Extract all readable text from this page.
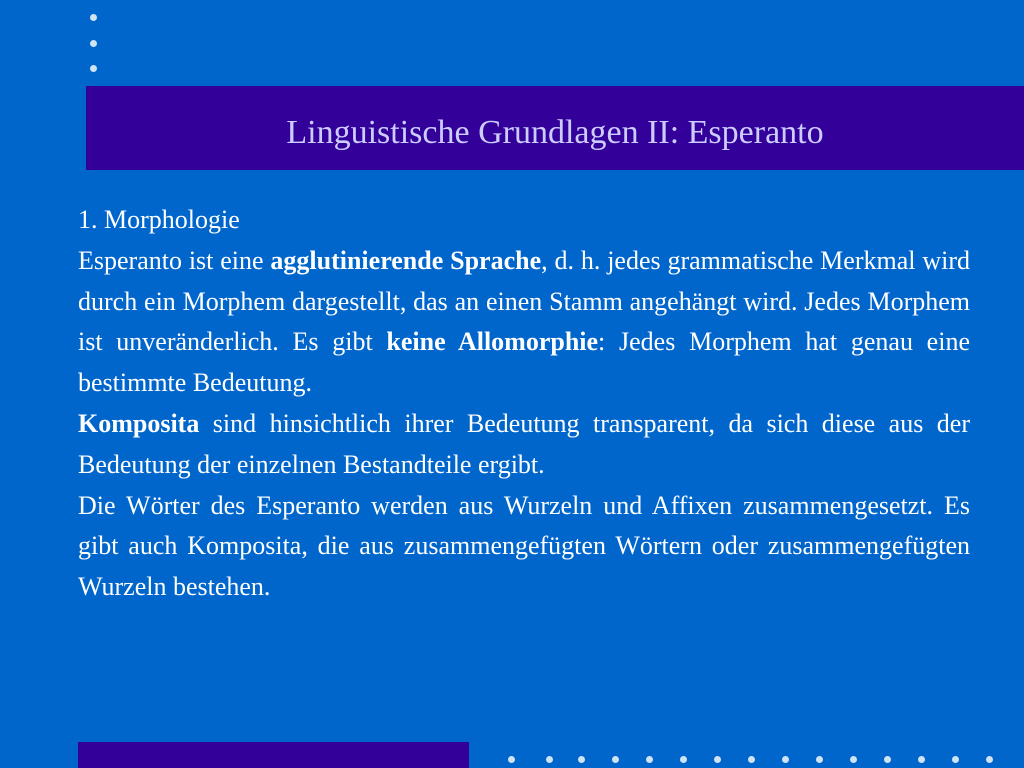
Linguistische Grundlagen II: Esperanto

1. Morphologie

Esperanto ist eine agglutinierende Sprache, d. h. jedes grammatische Merkmal wird durch ein Morphem dargestellt, das an einen Stamm angehängt wird. Jedes Morphem ist unveränderlich. Es gibt keine Allomorphie: Jedes Morphem hat genau eine bestimmte Bedeutung.

Komposita sind hinsichtlich ihrer Bedeutung transparent, da sich diese aus der Bedeutung der einzelnen Bestandteile ergibt.

Die Wörter des Esperanto werden aus Wurzeln und Affixen zusammengesetzt. Es gibt auch Komposita, die aus zusammengefügten Wörtern oder zusammengefügten Wurzeln bestehen.
